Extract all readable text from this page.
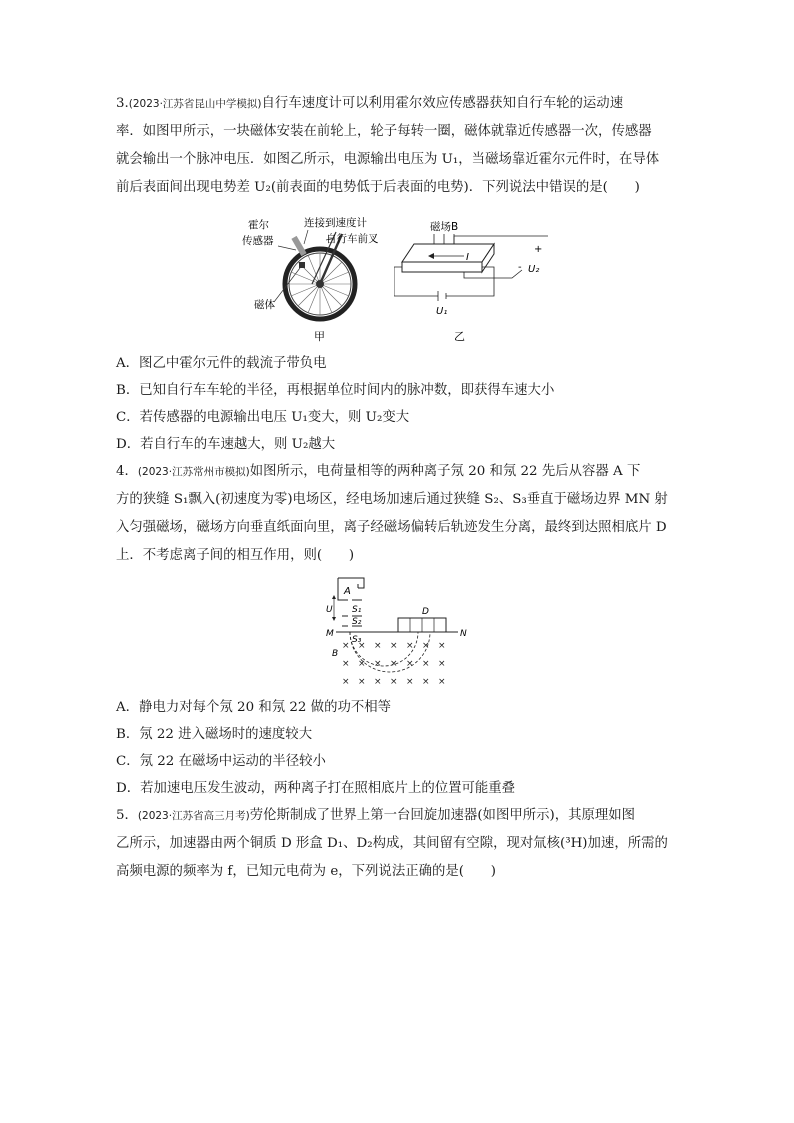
3.(2023·江苏省昆山中学模拟)自行车速度计可以利用霍尔效应传感器获知自行车轮的运动速
率．如图甲所示，一块磁体安装在前轮上，轮子每转一圈，磁体就靠近传感器一次，传感器
就会输出一个脉冲电压．如图乙所示，电源输出电压为 U₁，当磁场靠近霍尔元件时，在导体
前后表面间出现电势差 U₂(前表面的电势低于后表面的电势)．下列说法中错误的是(　　)
霍尔
传感器
连接到速度计
自行车前叉
磁体
甲
磁场B
I
+
- U₂
U₁
乙
A．图乙中霍尔元件的载流子带负电
B．已知自行车车轮的半径，再根据单位时间内的脉冲数，即获得车速大小
C．若传感器的电源输出电压 U₁变大，则 U₂变大
D．若自行车的车速越大，则 U₂越大
4．(2023·江苏常州市模拟)如图所示，电荷量相等的两种离子氖 20 和氖 22 先后从容器 A 下
方的狭缝 S₁飘入(初速度为零)电场区，经电场加速后通过狭缝 S₂、S₃垂直于磁场边界 MN 射
入匀强磁场，磁场方向垂直纸面向里，离子经磁场偏转后轨迹发生分离，最终到达照相底片 D
上．不考虑离子间的相互作用，则(　　)
A
S₁
S₂
S₃
U
M	N
D
B
× × × × × × ×
× × × × × × ×
× × × × × × ×
A．静电力对每个氖 20 和氖 22 做的功不相等
B．氖 22 进入磁场时的速度较大
C．氖 22 在磁场中运动的半径较小
D．若加速电压发生波动，两种离子打在照相底片上的位置可能重叠
5．(2023·江苏省高三月考)劳伦斯制成了世界上第一台回旋加速器(如图甲所示)，其原理如图
乙所示，加速器由两个铜质 D 形盒 D₁、D₂构成，其间留有空隙，现对氚核(³H)加速，所需的
高频电源的频率为 f，已知元电荷为 e，下列说法正确的是(　　)
